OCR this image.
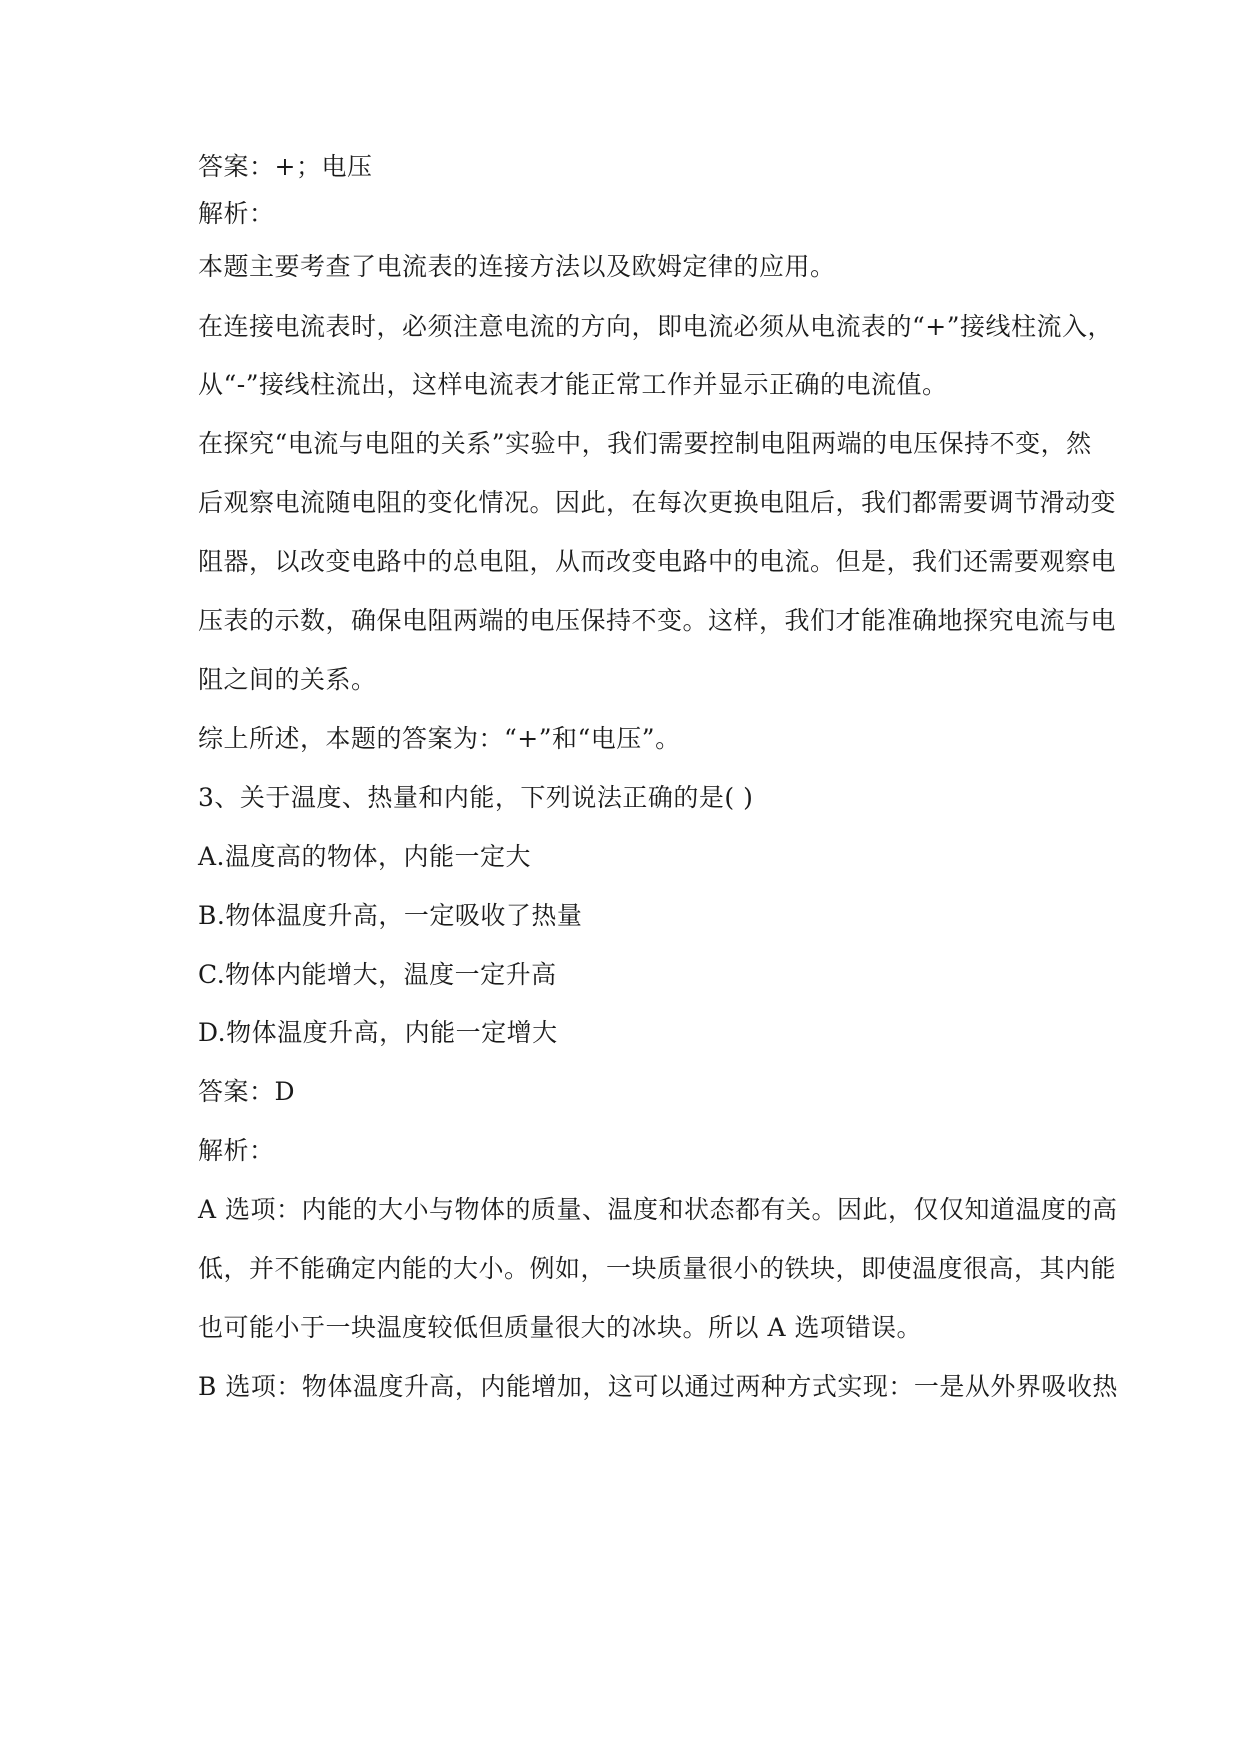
答案：+；电压
解析：
本题主要考查了电流表的连接方法以及欧姆定律的应用。
在连接电流表时，必须注意电流的方向，即电流必须从电流表的“+”接线柱流入，
从“-”接线柱流出，这样电流表才能正常工作并显示正确的电流值。
在探究“电流与电阻的关系”实验中，我们需要控制电阻两端的电压保持不变，然
后观察电流随电阻的变化情况。因此，在每次更换电阻后，我们都需要调节滑动变
阻器，以改变电路中的总电阻，从而改变电路中的电流。但是，我们还需要观察电
压表的示数，确保电阻两端的电压保持不变。这样，我们才能准确地探究电流与电
阻之间的关系。
综上所述，本题的答案为：“+”和“电压”。
3、关于温度、热量和内能，下列说法正确的是( )
A.温度高的物体，内能一定大
B.物体温度升高，一定吸收了热量
C.物体内能增大，温度一定升高
D.物体温度升高，内能一定增大
答案：D
解析：
A 选项：内能的大小与物体的质量、温度和状态都有关。因此，仅仅知道温度的高
低，并不能确定内能的大小。例如，一块质量很小的铁块，即使温度很高，其内能
也可能小于一块温度较低但质量很大的冰块。所以 A 选项错误。
B 选项：物体温度升高，内能增加，这可以通过两种方式实现：一是从外界吸收热
